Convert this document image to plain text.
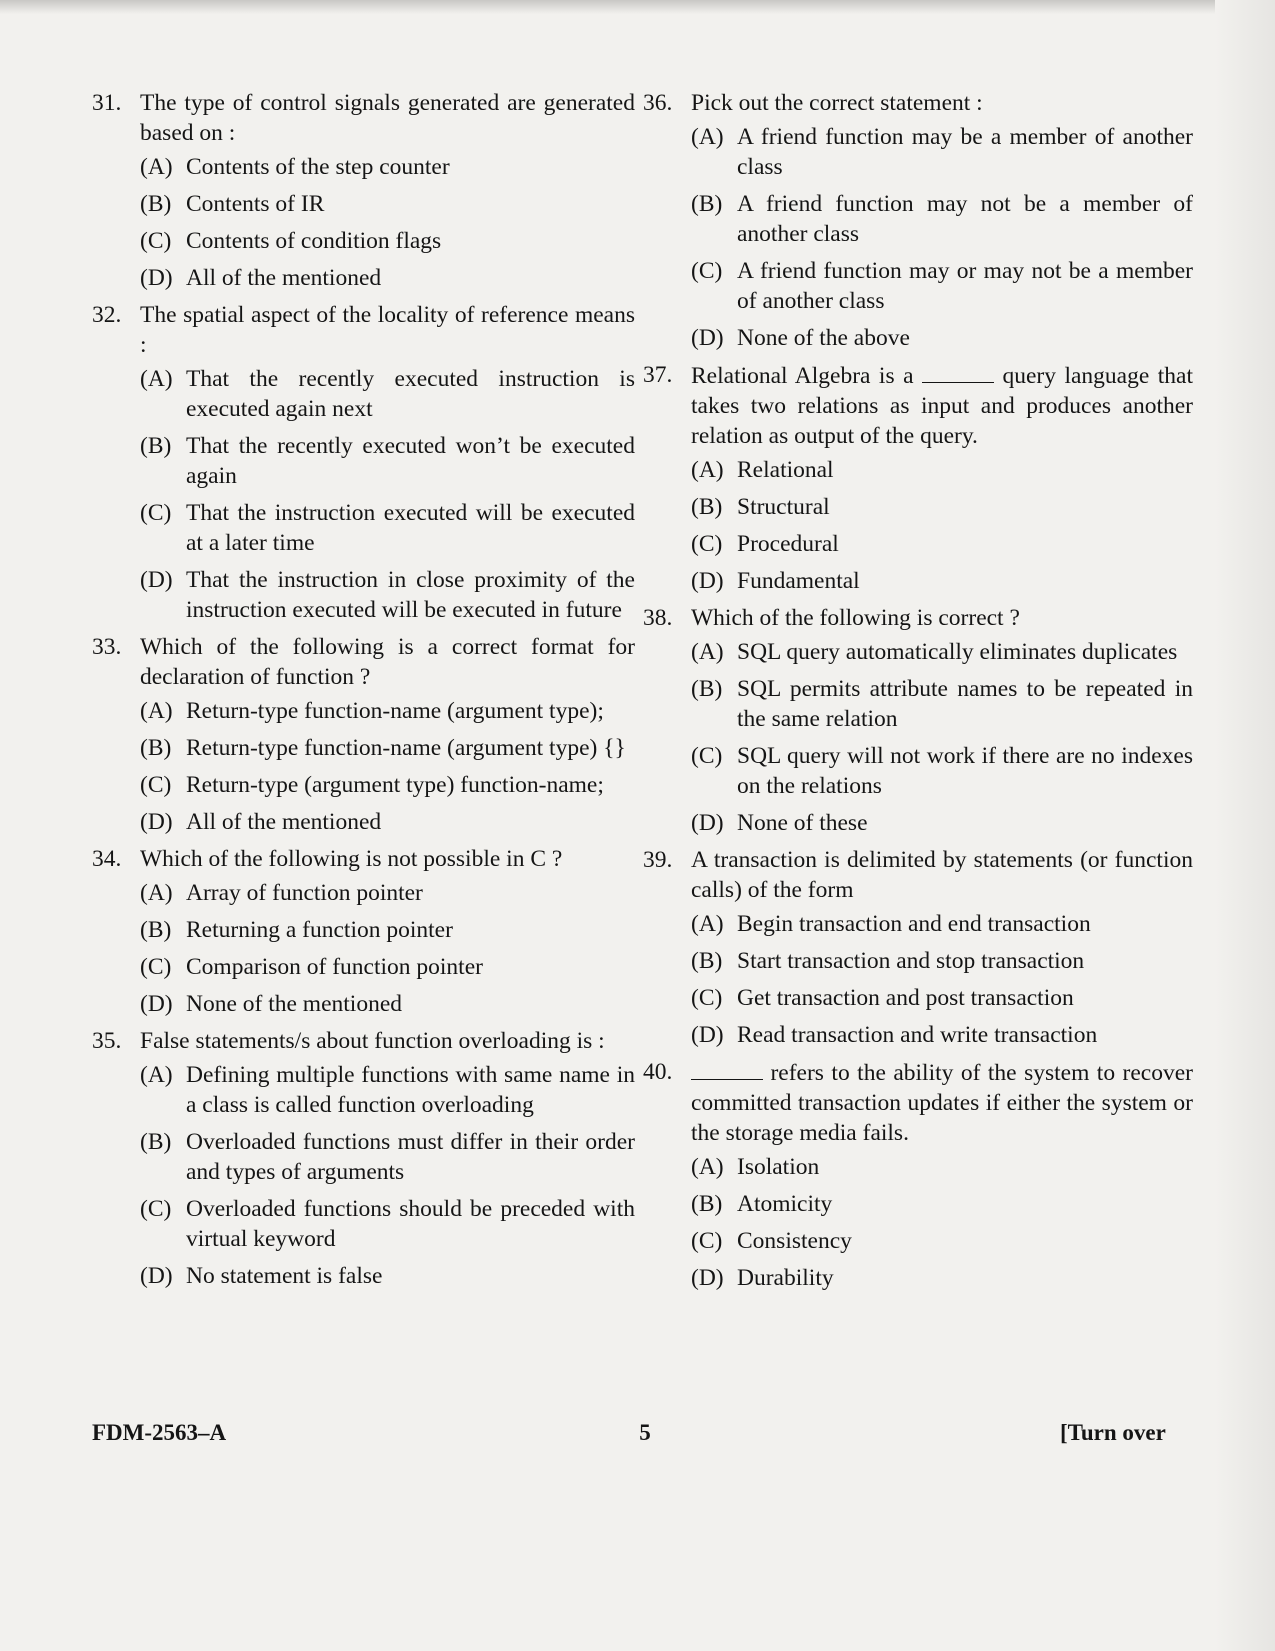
31. The type of control signals generated are generated based on :
(A) Contents of the step counter
(B) Contents of IR
(C) Contents of condition flags
(D) All of the mentioned
32. The spatial aspect of the locality of reference means :
(A) That the recently executed instruction is executed again next
(B) That the recently executed won’t be executed again
(C) That the instruction executed will be executed at a later time
(D) That the instruction in close proximity of the instruction executed will be executed in future
33. Which of the following is a correct format for declaration of function ?
(A) Return-type function-name (argument type);
(B) Return-type function-name (argument type) {}
(C) Return-type (argument type) function-name;
(D) All of the mentioned
34. Which of the following is not possible in C ?
(A) Array of function pointer
(B) Returning a function pointer
(C) Comparison of function pointer
(D) None of the mentioned
35. False statements/s about function overloading is :
(A) Defining multiple functions with same name in a class is called function overloading
(B) Overloaded functions must differ in their order and types of arguments
(C) Overloaded functions should be preceded with virtual keyword
(D) No statement is false
36. Pick out the correct statement :
(A) A friend function may be a member of another class
(B) A friend function may not be a member of another class
(C) A friend function may or may not be a member of another class
(D) None of the above
37. Relational Algebra is a	query language that takes two relations as input and produces another relation as output of the query.
(A) Relational
(B) Structural
(C) Procedural
(D) Fundamental
38. Which of the following is correct ?
(A) SQL query automatically eliminates duplicates
(B) SQL permits attribute names to be repeated in the same relation
(C) SQL query will not work if there are no indexes on the relations
(D) None of these
39. A transaction is delimited by statements (or function calls) of the form
(A) Begin transaction and end transaction
(B) Start transaction and stop transaction
(C) Get transaction and post transaction
(D) Read transaction and write transaction
40.	refers to the ability of the system to recover committed transaction updates if either the system or the storage media fails.
(A) Isolation
(B) Atomicity
(C) Consistency
(D) Durability
FDM-2563–A	5	[Turn over
